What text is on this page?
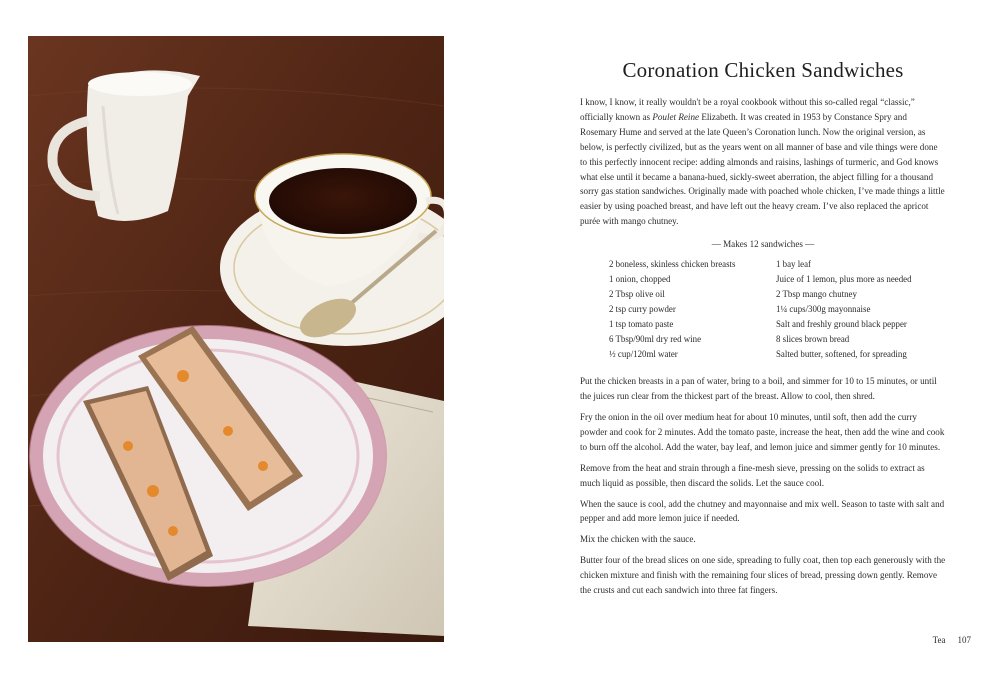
Coronation Chicken Sandwiches

I know, I know, it really wouldn't be a royal cookbook without this so-called regal “classic,” officially known as Poulet Reine Elizabeth. It was created in 1953 by Constance Spry and Rosemary Hume and served at the late Queen’s Coronation lunch. Now the original version, as below, is perfectly civilized, but as the years went on all manner of base and vile things were done to this perfectly innocent recipe: adding almonds and raisins, lashings of turmeric, and God knows what else until it became a banana-hued, sickly-sweet aberration, the abject filling for a thousand sorry gas station sandwiches. Originally made with poached whole chicken, I’ve made things a little easier by using poached breast, and have left out the heavy cream. I’ve also replaced the apricot purée with mango chutney.

— Makes 12 sandwiches —
2 boneless, skinless chicken breasts
1 onion, chopped
2 Tbsp olive oil
2 tsp curry powder
1 tsp tomato paste
6 Tbsp/90ml dry red wine
½ cup/120ml water
1 bay leaf
Juice of 1 lemon, plus more as needed
2 Tbsp mango chutney
1¼ cups/300g mayonnaise
Salt and freshly ground black pepper
8 slices brown bread
Salted butter, softened, for spreading

Put the chicken breasts in a pan of water, bring to a boil, and simmer for 10 to 15 minutes, or until the juices run clear from the thickest part of the breast. Allow to cool, then shred.

Fry the onion in the oil over medium heat for about 10 minutes, until soft, then add the curry powder and cook for 2 minutes. Add the tomato paste, increase the heat, then add the wine and cook to burn off the alcohol. Add the water, bay leaf, and lemon juice and simmer gently for 10 minutes.

Remove from the heat and strain through a fine-mesh sieve, pressing on the solids to extract as much liquid as possible, then discard the solids. Let the sauce cool.

When the sauce is cool, add the chutney and mayonnaise and mix well. Season to taste with salt and pepper and add more lemon juice if needed.

Mix the chicken with the sauce.

Butter four of the bread slices on one side, spreading to fully coat, then top each generously with the chicken mixture and finish with the remaining four slices of bread, pressing down gently. Remove the crusts and cut each sandwich into three fat fingers.

Tea 107
